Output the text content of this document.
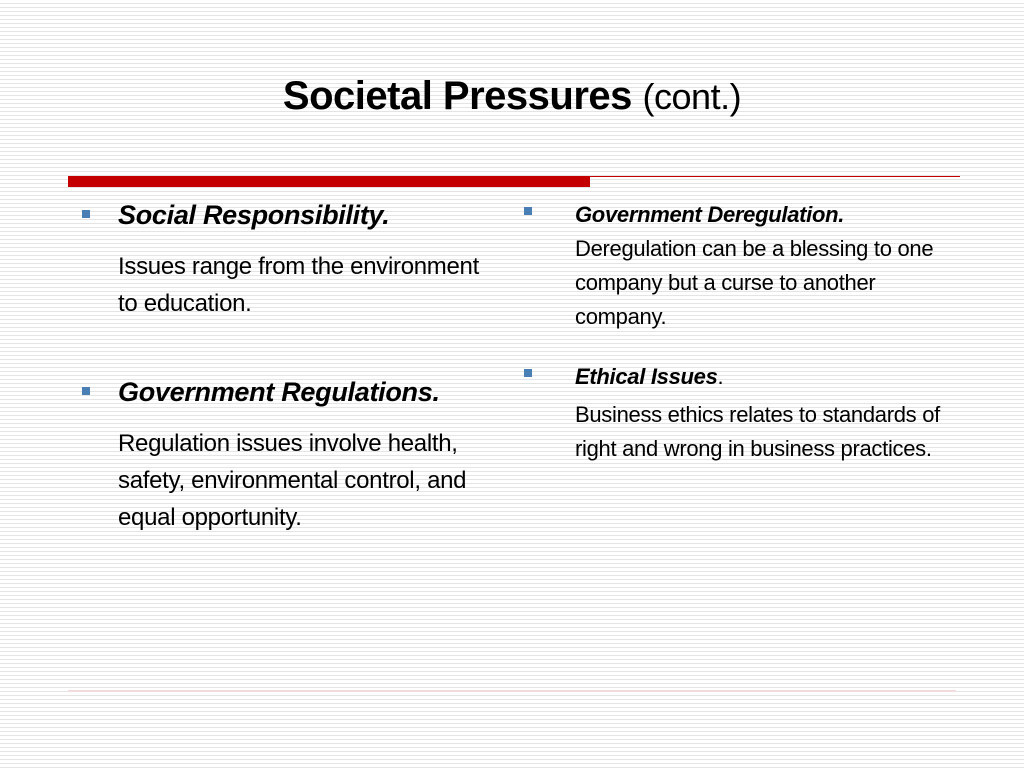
Societal Pressures (cont.)
Social Responsibility.
Issues range from the environment to education.
Government Regulations.
Regulation issues involve health, safety, environmental control, and equal opportunity.
Government Deregulation.
Deregulation can be a blessing to one company but a curse to another company.
Ethical Issues.
Business ethics relates to standards of right and wrong in business practices.
